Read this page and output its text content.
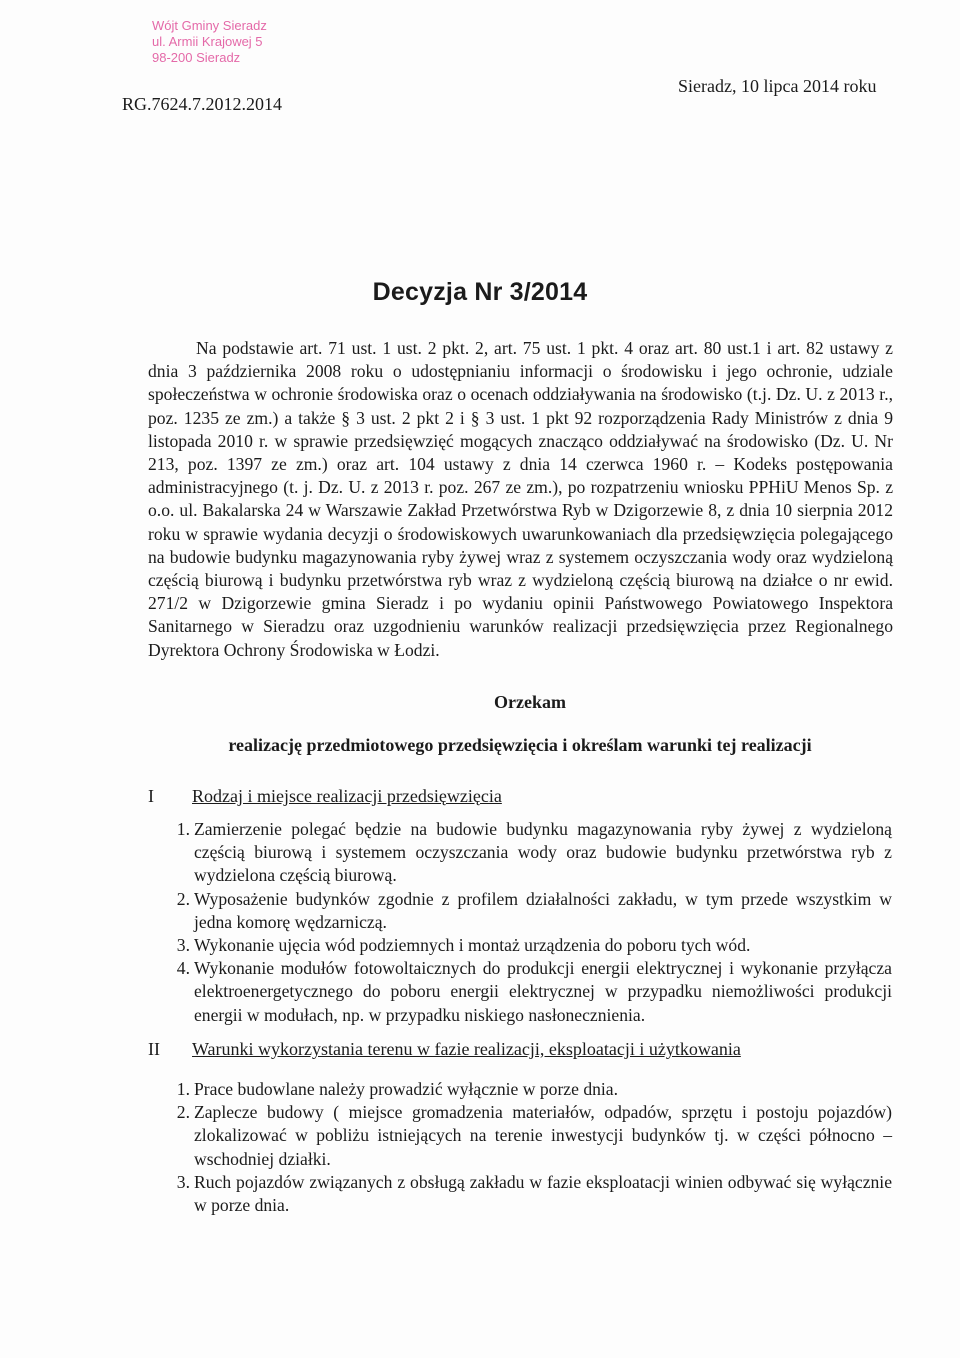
Wójt Gminy Sieradz
ul. Armii Krajowej 5
98-200 Sieradz
RG.7624.7.2012.2014
Sieradz, 10 lipca 2014 roku
Decyzja Nr 3/2014
Na podstawie art. 71 ust. 1 ust. 2 pkt. 2, art. 75 ust. 1 pkt. 4 oraz art. 80 ust.1 i art. 82 ustawy z dnia 3 października 2008 roku o udostępnianiu informacji o środowisku i jego ochronie, udziale społeczeństwa w ochronie środowiska oraz o ocenach oddziaływania na środowisko (t.j. Dz. U. z 2013 r., poz. 1235 ze zm.) a także § 3 ust. 2 pkt 2 i § 3 ust. 1 pkt 92 rozporządzenia Rady Ministrów z dnia 9 listopada 2010 r. w sprawie przedsięwzięć mogących znacząco oddziaływać na środowisko (Dz. U. Nr 213, poz. 1397 ze zm.) oraz art. 104 ustawy z dnia 14 czerwca 1960 r. – Kodeks postępowania administracyjnego (t. j. Dz. U. z 2013 r. poz. 267 ze zm.), po rozpatrzeniu wniosku PPHiU Menos Sp. z o.o. ul. Bakalarska 24 w Warszawie Zakład Przetwórstwa Ryb w Dzigorzewie 8, z dnia 10 sierpnia 2012 roku w sprawie wydania decyzji o środowiskowych uwarunkowaniach dla przedsięwzięcia polegającego na budowie budynku magazynowania ryby żywej wraz z systemem oczyszczania wody oraz wydzieloną częścią biurową i budynku przetwórstwa ryb wraz z wydzieloną częścią biurową na działce o nr ewid. 271/2 w Dzigorzewie gmina Sieradz i po wydaniu opinii Państwowego Powiatowego Inspektora Sanitarnego w Sieradzu oraz uzgodnieniu warunków realizacji przedsięwzięcia przez Regionalnego Dyrektora Ochrony Środowiska w Łodzi.
Orzekam
realizację przedmiotowego przedsięwzięcia i określam warunki tej realizacji
I Rodzaj i miejsce realizacji przedsięwzięcia
1. Zamierzenie polegać będzie na budowie budynku magazynowania ryby żywej z wydzieloną częścią biurową i systemem oczyszczania wody oraz budowie budynku przetwórstwa ryb z wydzielona częścią biurową.
2. Wyposażenie budynków zgodnie z profilem działalności zakładu, w tym przede wszystkim w jedna komorę wędzarniczą.
3. Wykonanie ujęcia wód podziemnych i montaż urządzenia do poboru tych wód.
4. Wykonanie modułów fotowoltaicznych do produkcji energii elektrycznej i wykonanie przyłącza elektroenergetycznego do poboru energii elektrycznej w przypadku niemożliwości produkcji energii w modułach, np. w przypadku niskiego nasłonecznienia.
II Warunki wykorzystania terenu w fazie realizacji, eksploatacji i użytkowania
1. Prace budowlane należy prowadzić wyłącznie w porze dnia.
2. Zaplecze budowy ( miejsce gromadzenia materiałów, odpadów, sprzętu i postoju pojazdów) zlokalizować w pobliżu istniejących na terenie inwestycji budynków tj. w części północno – wschodniej działki.
3. Ruch pojazdów związanych z obsługą zakładu w fazie eksploatacji winien odbywać się wyłącznie w porze dnia.
